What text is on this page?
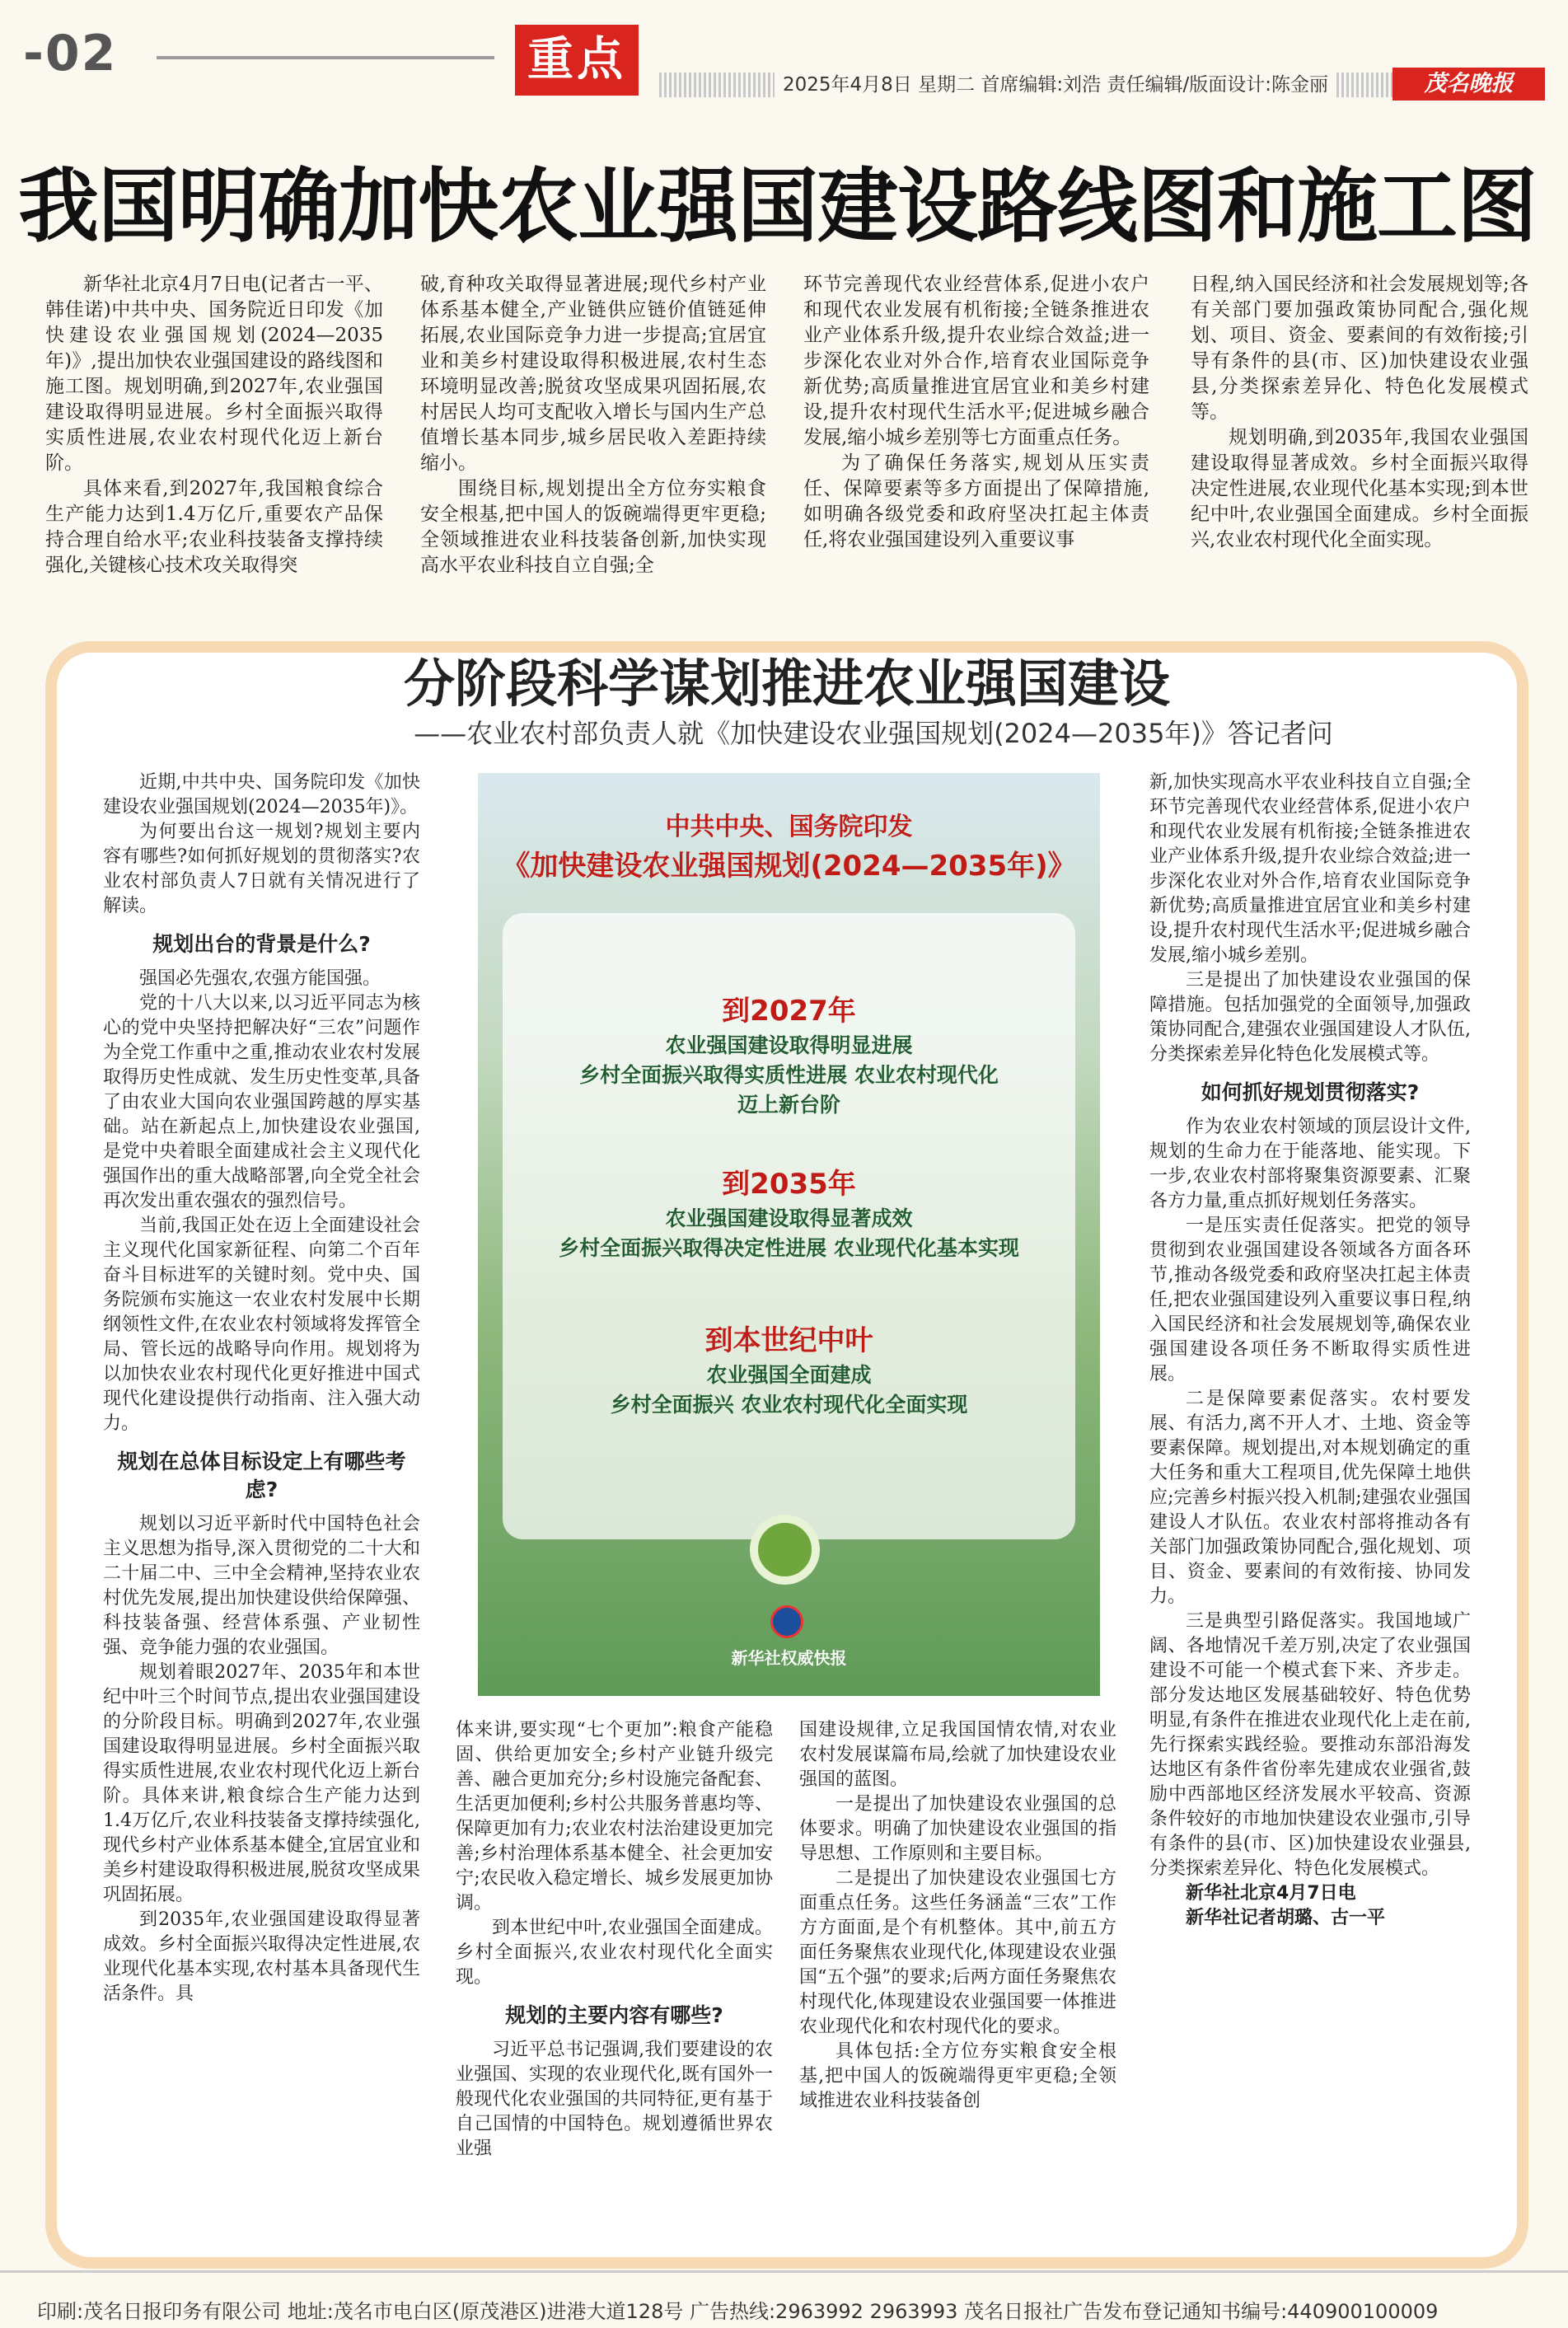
-02	重点	2025年4月8日 星期二 首席编辑:刘浩 责任编辑/版面设计:陈金丽	茂名晚报
我国明确加快农业强国建设路线图和施工图

新华社北京4月7日电(记者古一平、韩佳诺)中共中央、国务院近日印发《加快建设农业强国规划(2024—2035年)》,提出加快农业强国建设的路线图和施工图。规划明确,到2027年,农业强国建设取得明显进展。乡村全面振兴取得实质性进展,农业农村现代化迈上新台阶。

具体来看,到2027年,我国粮食综合生产能力达到1.4万亿斤,重要农产品保持合理自给水平;农业科技装备支撑持续强化,关键核心技术攻关取得突

破,育种攻关取得显著进展;现代乡村产业体系基本健全,产业链供应链价值链延伸拓展,农业国际竞争力进一步提高;宜居宜业和美乡村建设取得积极进展,农村生态环境明显改善;脱贫攻坚成果巩固拓展,农村居民人均可支配收入增长与国内生产总值增长基本同步,城乡居民收入差距持续缩小。

围绕目标,规划提出全方位夯实粮食安全根基,把中国人的饭碗端得更牢更稳;全领域推进农业科技装备创新,加快实现高水平农业科技自立自强;全

环节完善现代农业经营体系,促进小农户和现代农业发展有机衔接;全链条推进农业产业体系升级,提升农业综合效益;进一步深化农业对外合作,培育农业国际竞争新优势;高质量推进宜居宜业和美乡村建设,提升农村现代生活水平;促进城乡融合发展,缩小城乡差别等七方面重点任务。

为了确保任务落实,规划从压实责任、保障要素等多方面提出了保障措施,如明确各级党委和政府坚决扛起主体责任,将农业强国建设列入重要议事

日程,纳入国民经济和社会发展规划等;各有关部门要加强政策协同配合,强化规划、项目、资金、要素间的有效衔接;引导有条件的县(市、区)加快建设农业强县,分类探索差异化、特色化发展模式等。

规划明确,到2035年,我国农业强国建设取得显著成效。乡村全面振兴取得决定性进展,农业现代化基本实现;到本世纪中叶,农业强国全面建成。乡村全面振兴,农业农村现代化全面实现。

分阶段科学谋划推进农业强国建设
——农业农村部负责人就《加快建设农业强国规划(2024—2035年)》答记者问

近期,中共中央、国务院印发《加快建设农业强国规划(2024—2035年)》。

为何要出台这一规划?规划主要内容有哪些?如何抓好规划的贯彻落实?农业农村部负责人7日就有关情况进行了解读。

规划出台的背景是什么?

强国必先强农,农强方能国强。

党的十八大以来,以习近平同志为核心的党中央坚持把解决好“三农”问题作为全党工作重中之重,推动农业农村发展取得历史性成就、发生历史性变革,具备了由农业大国向农业强国跨越的厚实基础。站在新起点上,加快建设农业强国,是党中央着眼全面建成社会主义现代化强国作出的重大战略部署,向全党全社会再次发出重农强农的强烈信号。

当前,我国正处在迈上全面建设社会主义现代化国家新征程、向第二个百年奋斗目标进军的关键时刻。党中央、国务院颁布实施这一农业农村发展中长期纲领性文件,在农业农村领域将发挥管全局、管长远的战略导向作用。规划将为以加快农业农村现代化更好推进中国式现代化建设提供行动指南、注入强大动力。

规划在总体目标设定上有哪些考虑?

规划以习近平新时代中国特色社会主义思想为指导,深入贯彻党的二十大和二十届二中、三中全会精神,坚持农业农村优先发展,提出加快建设供给保障强、科技装备强、经营体系强、产业韧性强、竞争能力强的农业强国。

规划着眼2027年、2035年和本世纪中叶三个时间节点,提出农业强国建设的分阶段目标。明确到2027年,农业强国建设取得明显进展。乡村全面振兴取得实质性进展,农业农村现代化迈上新台阶。具体来讲,粮食综合生产能力达到1.4万亿斤,农业科技装备支撑持续强化,现代乡村产业体系基本健全,宜居宜业和美乡村建设取得积极进展,脱贫攻坚成果巩固拓展。

到2035年,农业强国建设取得显著成效。乡村全面振兴取得决定性进展,农业现代化基本实现,农村基本具备现代生活条件。具

中共中央、国务院印发
《加快建设农业强国规划(2024—2035年)》
到2027年
农业强国建设取得明显进展
乡村全面振兴取得实质性进展 农业农村现代化
迈上新台阶
到2035年
农业强国建设取得显著成效
乡村全面振兴取得决定性进展 农业现代化基本实现
到本世纪中叶
农业强国全面建成
乡村全面振兴 农业农村现代化全面实现
新华社权威快报

体来讲,要实现“七个更加”:粮食产能稳固、供给更加安全;乡村产业链升级完善、融合更加充分;乡村设施完备配套、生活更加便利;乡村公共服务普惠均等、保障更加有力;农业农村法治建设更加完善;乡村治理体系基本健全、社会更加安宁;农民收入稳定增长、城乡发展更加协调。

到本世纪中叶,农业强国全面建成。乡村全面振兴,农业农村现代化全面实现。

规划的主要内容有哪些?

习近平总书记强调,我们要建设的农业强国、实现的农业现代化,既有国外一般现代化农业强国的共同特征,更有基于自己国情的中国特色。规划遵循世界农业强

国建设规律,立足我国国情农情,对农业农村发展谋篇布局,绘就了加快建设农业强国的蓝图。

一是提出了加快建设农业强国的总体要求。明确了加快建设农业强国的指导思想、工作原则和主要目标。

二是提出了加快建设农业强国七方面重点任务。这些任务涵盖“三农”工作方方面面,是个有机整体。其中,前五方面任务聚焦农业现代化,体现建设农业强国“五个强”的要求;后两方面任务聚焦农村现代化,体现建设农业强国要一体推进农业现代化和农村现代化的要求。

具体包括:全方位夯实粮食安全根基,把中国人的饭碗端得更牢更稳;全领域推进农业科技装备创

新,加快实现高水平农业科技自立自强;全环节完善现代农业经营体系,促进小农户和现代农业发展有机衔接;全链条推进农业产业体系升级,提升农业综合效益;进一步深化农业对外合作,培育农业国际竞争新优势;高质量推进宜居宜业和美乡村建设,提升农村现代生活水平;促进城乡融合发展,缩小城乡差别。

三是提出了加快建设农业强国的保障措施。包括加强党的全面领导,加强政策协同配合,建强农业强国建设人才队伍,分类探索差异化特色化发展模式等。

如何抓好规划贯彻落实?

作为农业农村领域的顶层设计文件,规划的生命力在于能落地、能实现。下一步,农业农村部将聚集资源要素、汇聚各方力量,重点抓好规划任务落实。

一是压实责任促落实。把党的领导贯彻到农业强国建设各领域各方面各环节,推动各级党委和政府坚决扛起主体责任,把农业强国建设列入重要议事日程,纳入国民经济和社会发展规划等,确保农业强国建设各项任务不断取得实质性进展。

二是保障要素促落实。农村要发展、有活力,离不开人才、土地、资金等要素保障。规划提出,对本规划确定的重大任务和重大工程项目,优先保障土地供应;完善乡村振兴投入机制;建强农业强国建设人才队伍。农业农村部将推动各有关部门加强政策协同配合,强化规划、项目、资金、要素间的有效衔接、协同发力。

三是典型引路促落实。我国地域广阔、各地情况千差万别,决定了农业强国建设不可能一个模式套下来、齐步走。部分发达地区发展基础较好、特色优势明显,有条件在推进农业现代化上走在前,先行探索实践经验。要推动东部沿海发达地区有条件省份率先建成农业强省,鼓励中西部地区经济发展水平较高、资源条件较好的市地加快建设农业强市,引导有条件的县(市、区)加快建设农业强县,分类探索差异化、特色化发展模式。

新华社北京4月7日电

新华社记者胡璐、古一平

印刷:茂名日报印务有限公司 地址:茂名市电白区(原茂港区)进港大道128号 广告热线:2963992 2963993 茂名日报社广告发布登记通知书编号:440900100009
